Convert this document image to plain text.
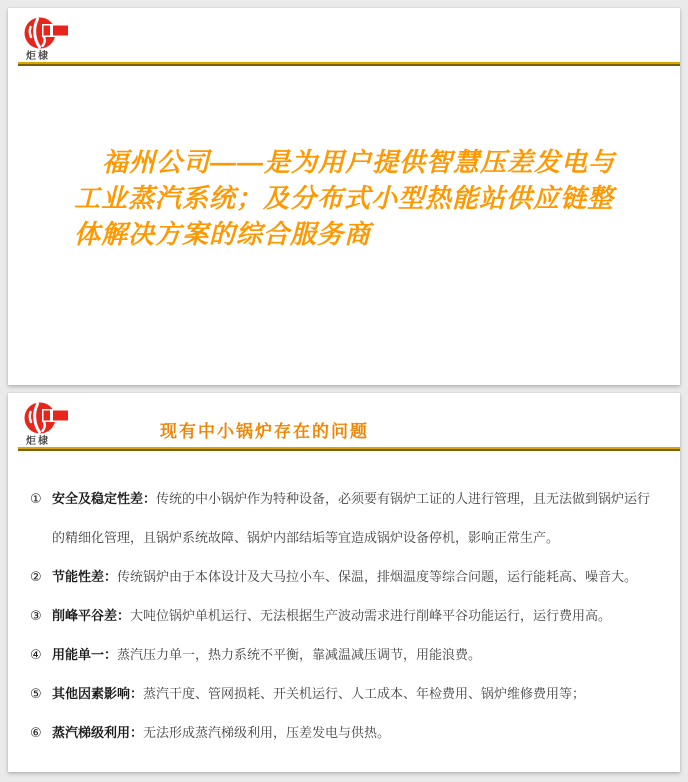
炬棣

福州公司——是为用户提供智慧压差发电与工业蒸汽系统；及分布式小型热能站供应链整体解决方案的综合服务商

炬棣
现有中小锅炉存在的问题
① 安全及稳定性差：传统的中小锅炉作为特种设备，必须要有锅炉工证的人进行管理，且无法做到锅炉运行的精细化管理，且锅炉系统故障、锅炉内部结垢等宜造成锅炉设备停机，影响正常生产。
② 节能性差：传统锅炉由于本体设计及大马拉小车、保温，排烟温度等综合问题，运行能耗高、噪音大。
③ 削峰平谷差：大吨位锅炉单机运行、无法根据生产波动需求进行削峰平谷功能运行，运行费用高。
④ 用能单一：蒸汽压力单一，热力系统不平衡，靠减温减压调节，用能浪费。
⑤ 其他因素影响：蒸汽干度、管网损耗、开关机运行、人工成本、年检费用、锅炉维修费用等；
⑥ 蒸汽梯级利用：无法形成蒸汽梯级利用，压差发电与供热。
